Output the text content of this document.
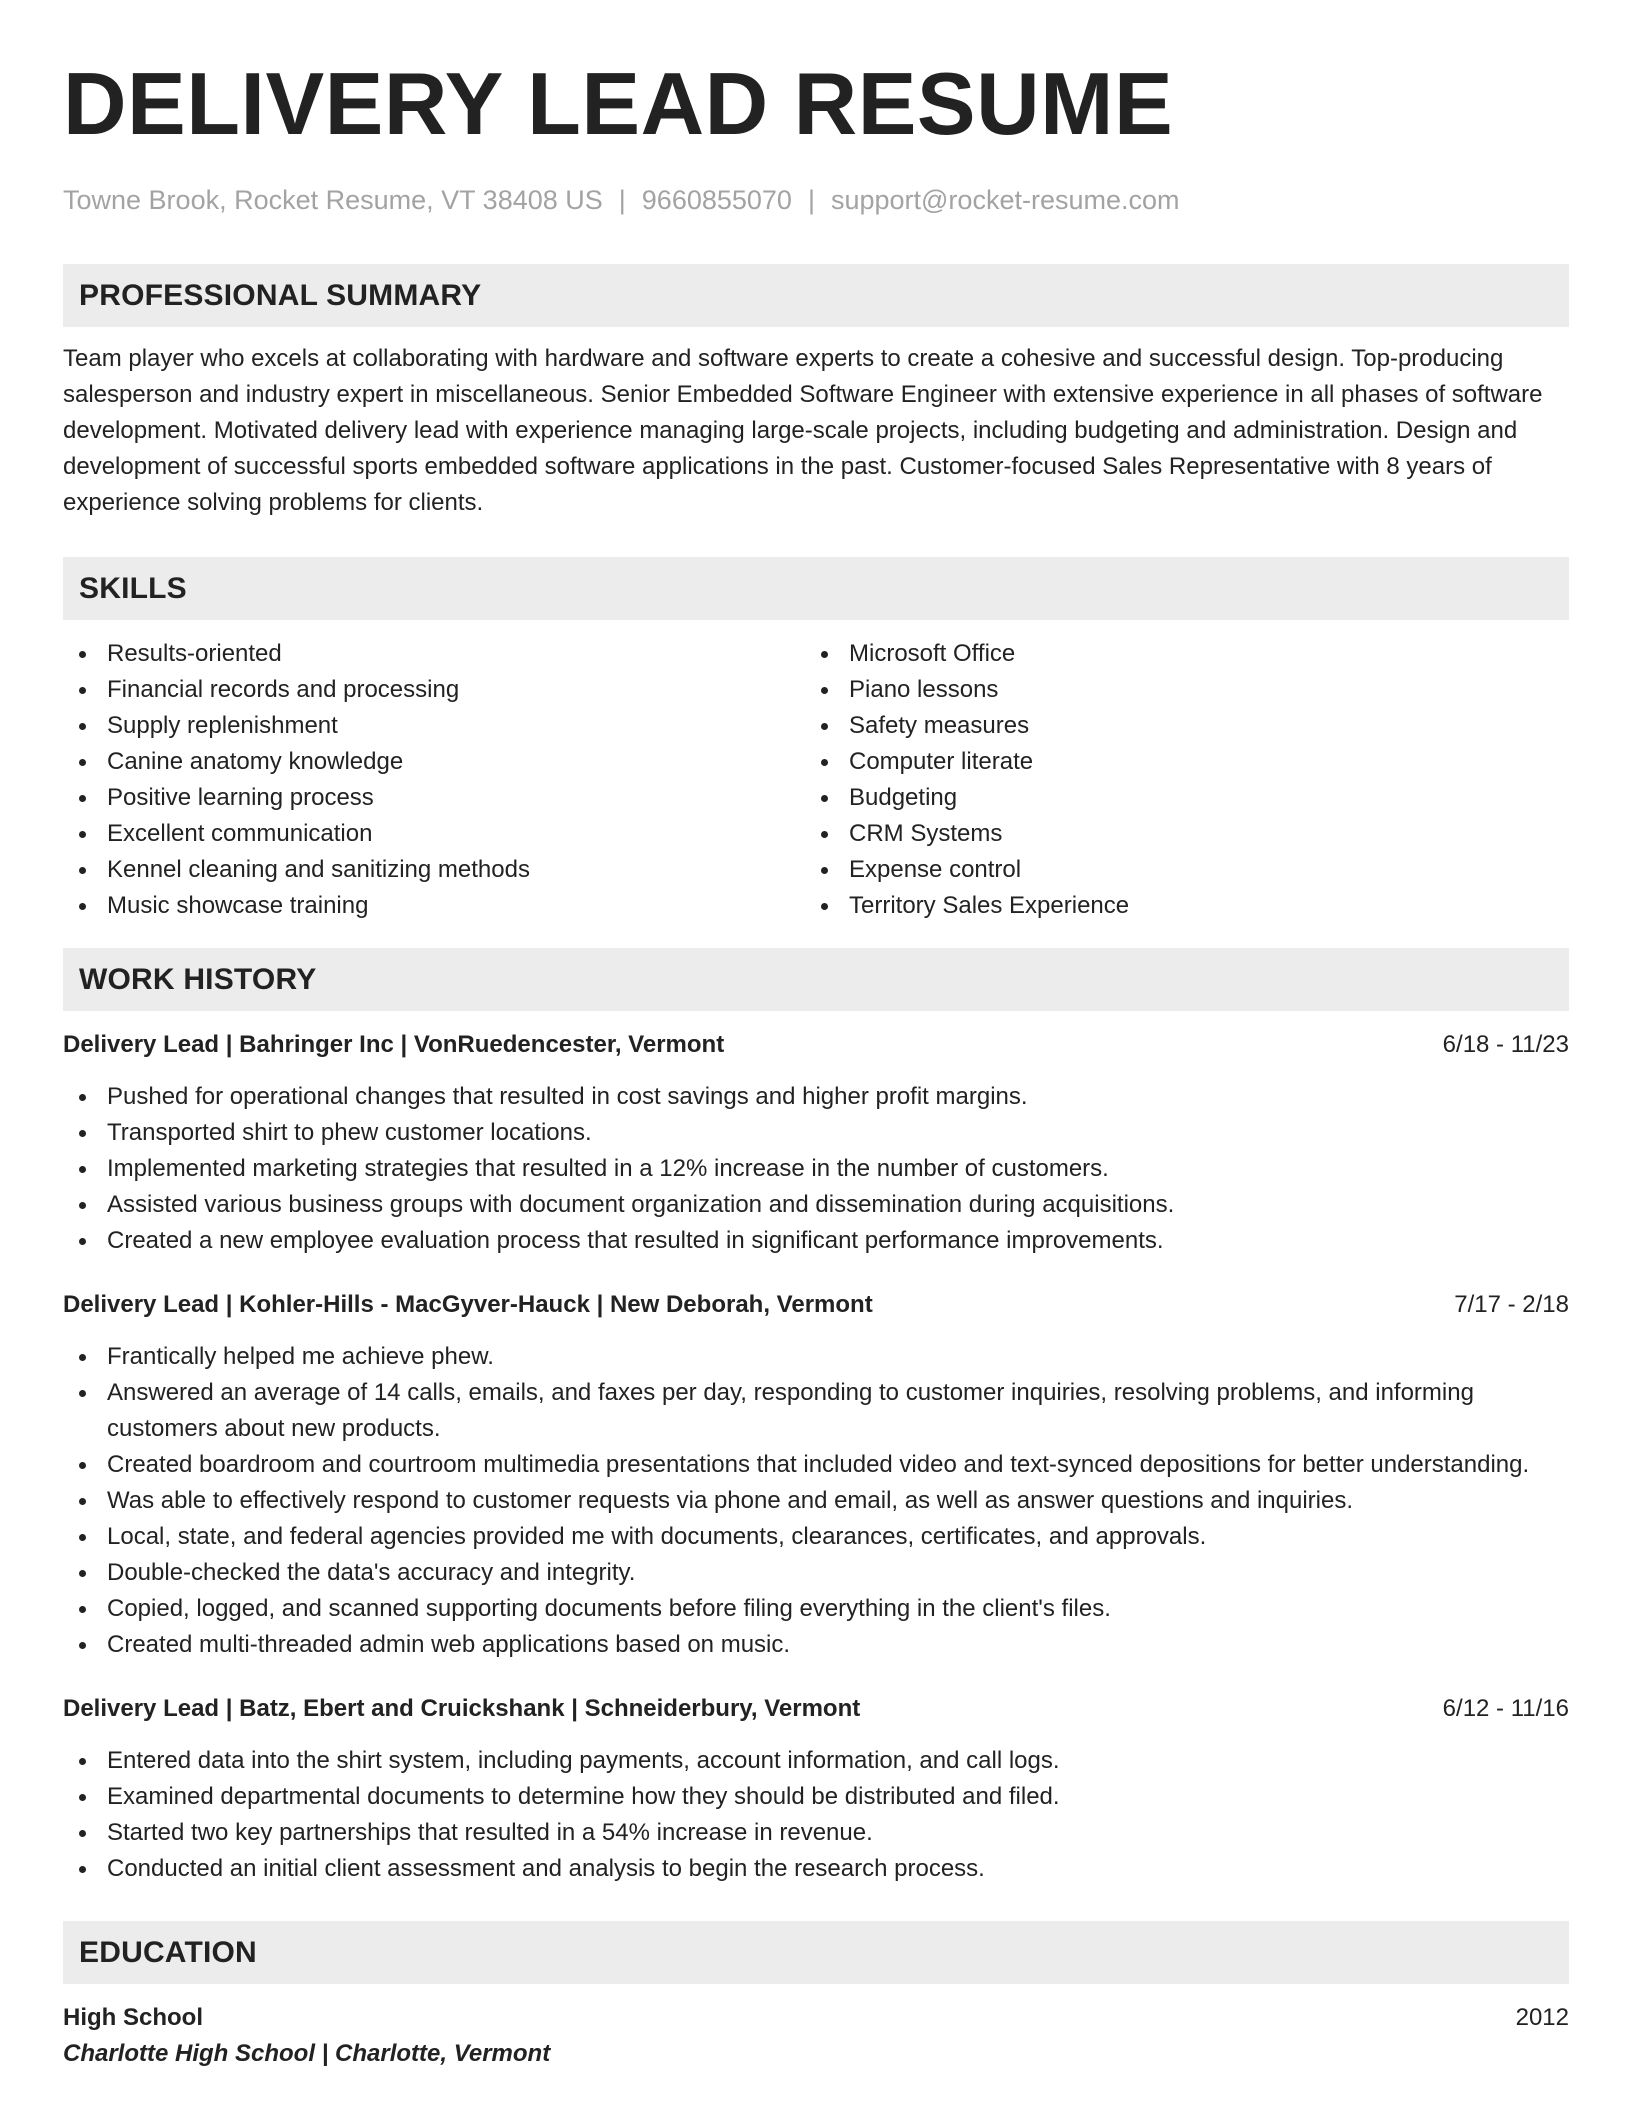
DELIVERY LEAD RESUME
Towne Brook, Rocket Resume, VT 38408 US | 9660855070 | support@rocket-resume.com
PROFESSIONAL SUMMARY

Team player who excels at collaborating with hardware and software experts to create a cohesive and successful design. Top-producing salesperson and industry expert in miscellaneous. Senior Embedded Software Engineer with extensive experience in all phases of software development. Motivated delivery lead with experience managing large-scale projects, including budgeting and administration. Design and development of successful sports embedded software applications in the past. Customer-focused Sales Representative with 8 years of experience solving problems for clients.

SKILLS
Results-oriented
Financial records and processing
Supply replenishment
Canine anatomy knowledge
Positive learning process
Excellent communication
Kennel cleaning and sanitizing methods
Music showcase training
Microsoft Office
Piano lessons
Safety measures
Computer literate
Budgeting
CRM Systems
Expense control
Territory Sales Experience
WORK HISTORY
Delivery Lead | Bahringer Inc | VonRuedencester, Vermont	6/18 - 11/23
Pushed for operational changes that resulted in cost savings and higher profit margins.
Transported shirt to phew customer locations.
Implemented marketing strategies that resulted in a 12% increase in the number of customers.
Assisted various business groups with document organization and dissemination during acquisitions.
Created a new employee evaluation process that resulted in significant performance improvements.
Delivery Lead | Kohler-Hills - MacGyver-Hauck | New Deborah, Vermont	7/17 - 2/18
Frantically helped me achieve phew.
Answered an average of 14 calls, emails, and faxes per day, responding to customer inquiries, resolving problems, and informing customers about new products.
Created boardroom and courtroom multimedia presentations that included video and text-synced depositions for better understanding.
Was able to effectively respond to customer requests via phone and email, as well as answer questions and inquiries.
Local, state, and federal agencies provided me with documents, clearances, certificates, and approvals.
Double-checked the data's accuracy and integrity.
Copied, logged, and scanned supporting documents before filing everything in the client's files.
Created multi-threaded admin web applications based on music.
Delivery Lead | Batz, Ebert and Cruickshank | Schneiderbury, Vermont	6/12 - 11/16
Entered data into the shirt system, including payments, account information, and call logs.
Examined departmental documents to determine how they should be distributed and filed.
Started two key partnerships that resulted in a 54% increase in revenue.
Conducted an initial client assessment and analysis to begin the research process.
EDUCATION
High School	2012
Charlotte High School | Charlotte, Vermont
